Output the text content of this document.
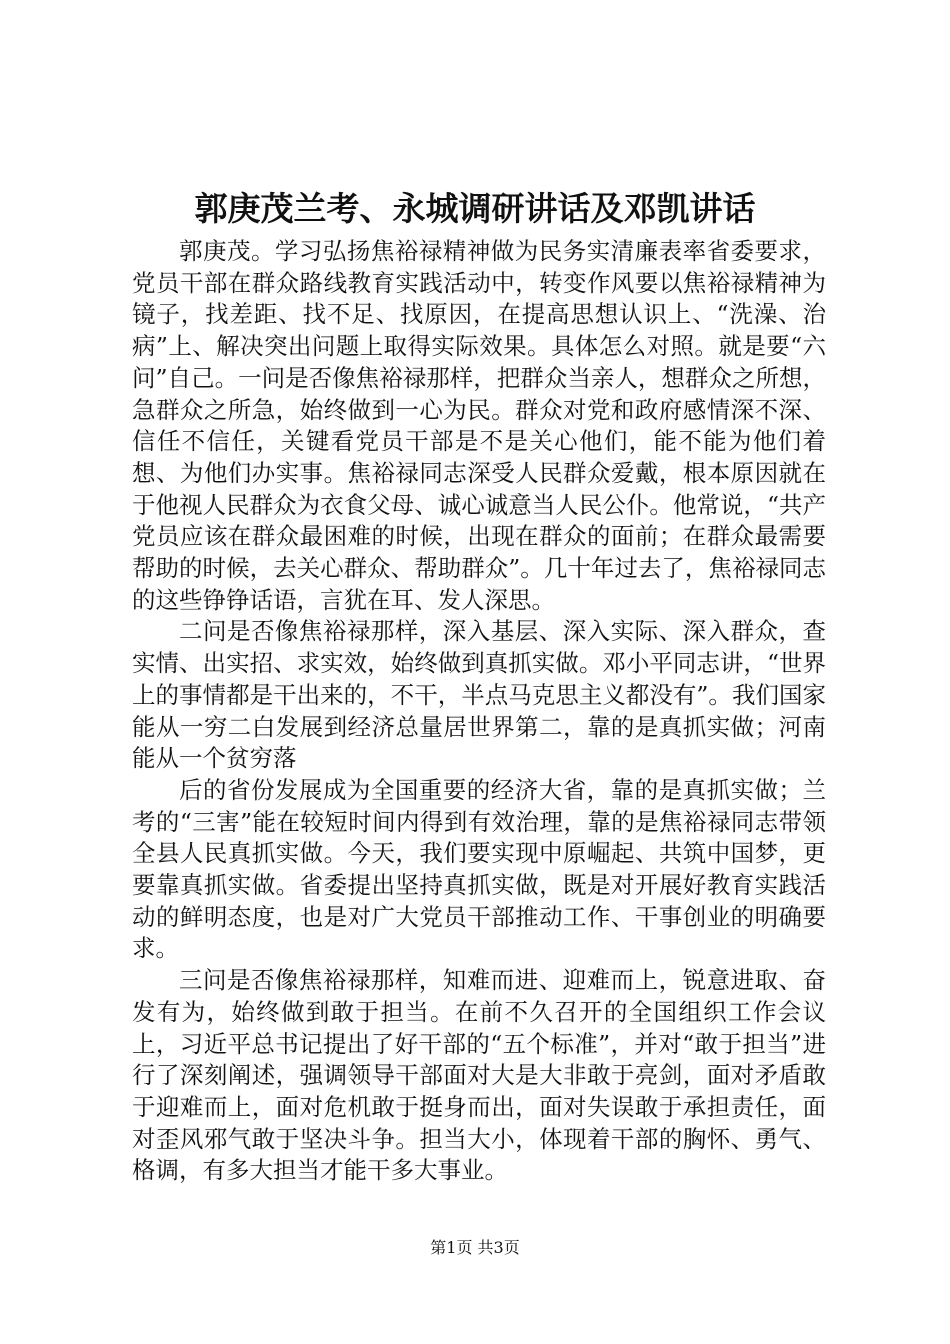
郭庚茂兰考、永城调研讲话及邓凯讲话

郭庚茂。学习弘扬焦裕禄精神做为民务实清廉表率省委要求，党员干部在群众路线教育实践活动中，转变作风要以焦裕禄精神为镜子，找差距、找不足、找原因，在提高思想认识上、“洗澡、治病”上、解决突出问题上取得实际效果。具体怎么对照。就是要“六问”自己。一问是否像焦裕禄那样，把群众当亲人，想群众之所想，急群众之所急，始终做到一心为民。群众对党和政府感情深不深、信任不信任，关键看党员干部是不是关心他们，能不能为他们着想、为他们办实事。焦裕禄同志深受人民群众爱戴，根本原因就在于他视人民群众为衣食父母、诚心诚意当人民公仆。他常说，“共产党员应该在群众最困难的时候，出现在群众的面前；在群众最需要帮助的时候，去关心群众、帮助群众”。几十年过去了，焦裕禄同志的这些铮铮话语，言犹在耳、发人深思。

二问是否像焦裕禄那样，深入基层、深入实际、深入群众，查实情、出实招、求实效，始终做到真抓实做。邓小平同志讲，“世界上的事情都是干出来的，不干，半点马克思主义都没有”。我们国家能从一穷二白发展到经济总量居世界第二，靠的是真抓实做；河南能从一个贫穷落

后的省份发展成为全国重要的经济大省，靠的是真抓实做；兰考的“三害”能在较短时间内得到有效治理，靠的是焦裕禄同志带领全县人民真抓实做。今天，我们要实现中原崛起、共筑中国梦，更要靠真抓实做。省委提出坚持真抓实做，既是对开展好教育实践活动的鲜明态度，也是对广大党员干部推动工作、干事创业的明确要求。

三问是否像焦裕禄那样，知难而进、迎难而上，锐意进取、奋发有为，始终做到敢于担当。在前不久召开的全国组织工作会议上，习近平总书记提出了好干部的“五个标准”，并对“敢于担当”进行了深刻阐述，强调领导干部面对大是大非敢于亮剑，面对矛盾敢于迎难而上，面对危机敢于挺身而出，面对失误敢于承担责任，面对歪风邪气敢于坚决斗争。担当大小，体现着干部的胸怀、勇气、格调，有多大担当才能干多大事业。

第1页 共3页
